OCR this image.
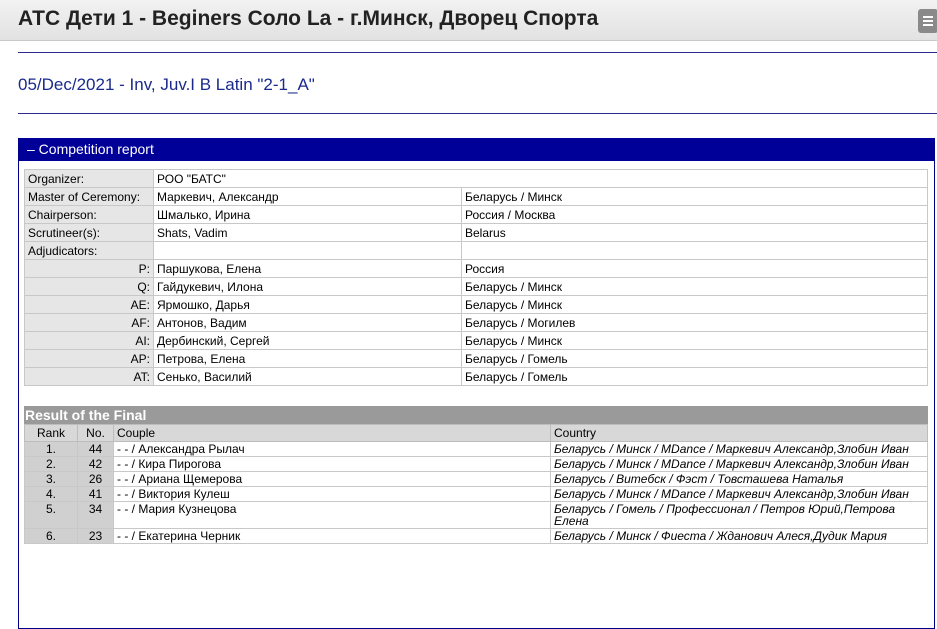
АТС Дети 1 - Beginers Соло La - г.Минск, Дворец Спорта
05/Dec/2021 - Inv, Juv.I B Latin "2-1_A"
– Competition report
Organizer:	РОО "БАТС"	
Master of Ceremony:	Маркевич, Александр	Беларусь / Минск
Chairperson:	Шмалько, Ирина	Россия / Москва
Scrutineer(s):	Shats, Vadim	Belarus
Adjudicators:		
P:	Паршукова, Елена	Россия
Q:	Гайдукевич, Илона	Беларусь / Минск
AE:	Ярмошко, Дарья	Беларусь / Минск
AF:	Антонов, Вадим	Беларусь / Могилев
AI:	Дербинский, Сергей	Беларусь / Минск
AP:	Петрова, Елена	Беларусь / Гомель
AT:	Сенько, Василий	Беларусь / Гомель
Result of the Final
Rank	No.	Couple	Country
1.	44	- - / Александра Рылач	Беларусь / Минск / MDance / Маркевич Александр,Злобин Иван
2.	42	- - / Кира Пирогова	Беларусь / Минск / MDance / Маркевич Александр,Злобин Иван
3.	26	- - / Ариана Щемерова	Беларусь / Витебск / Фэст / Товсташева Наталья
4.	41	- - / Виктория Кулеш	Беларусь / Минск / MDance / Маркевич Александр,Злобин Иван
5.	34	- - / Мария Кузнецова	Беларусь / Гомель / Профессионал / Петров Юрий,Петрова Елена
6.	23	- - / Екатерина Черник	Беларусь / Минск / Фиеста / Жданович Алеся,Дудик Мария
